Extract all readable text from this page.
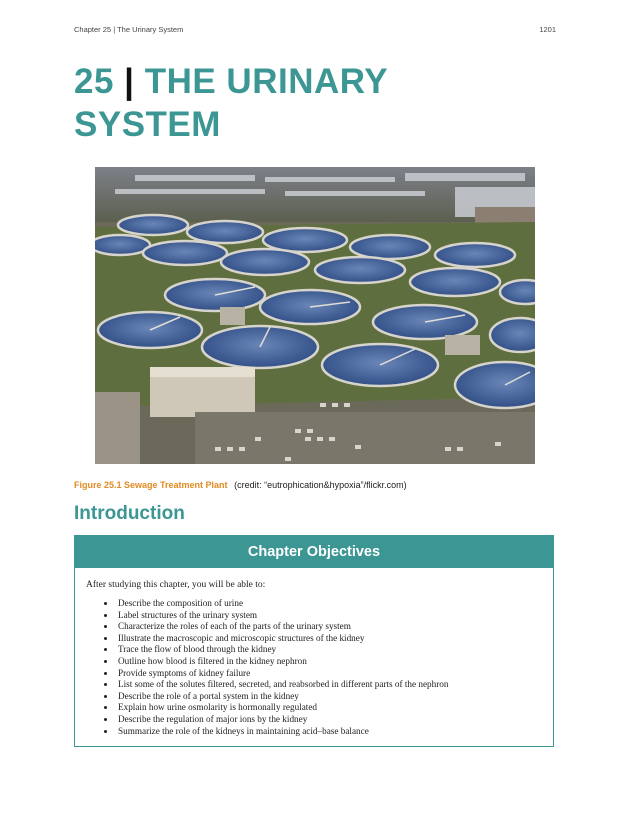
Chapter 25 | The Urinary System	1201
25 | THE URINARY
SYSTEM
Figure 25.1 Sewage Treatment Plant (credit: “eutrophication&hypoxia”/flickr.com)
Introduction
Chapter Objectives
After studying this chapter, you will be able to:
• Describe the composition of urine
• Label structures of the urinary system
• Characterize the roles of each of the parts of the urinary system
• Illustrate the macroscopic and microscopic structures of the kidney
• Trace the flow of blood through the kidney
• Outline how blood is filtered in the kidney nephron
• Provide symptoms of kidney failure
• List some of the solutes filtered, secreted, and reabsorbed in different parts of the nephron
• Describe the role of a portal system in the kidney
• Explain how urine osmolarity is hormonally regulated
• Describe the regulation of major ions by the kidney
• Summarize the role of the kidneys in maintaining acid–base balance
